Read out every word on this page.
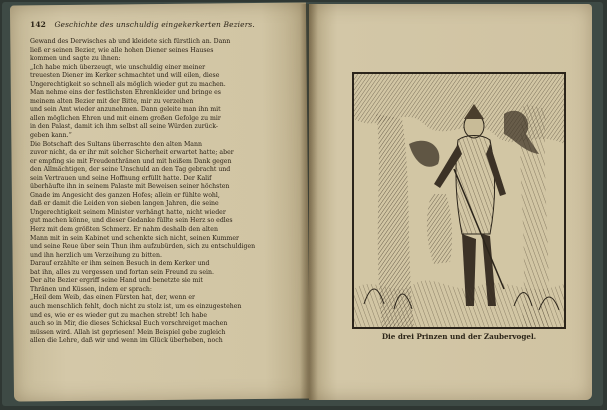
142 Geschichte des unschuldig eingekerkerten Beziers.
Gewand des Derwisches ab und kleidete sich fürstlich an. Dann
ließ er seinen Bezier, wie alle hohen Diener seines Hauses
kommen und sagte zu ihnen:
„Ich habe mich überzeugt, wie unschuldig einer meiner
treuesten Diener im Kerker schmachtet und will eilen, diese
Ungerechtigkeit so schnell als möglich wieder gut zu machen.
Man nehme eins der festlichsten Ehrenkleider und bringe es
meinem alten Bezier mit der Bitte, mir zu verzeihen
und sein Amt wieder anzunehmen. Dann geleite man ihn mit
allen möglichen Ehren und mit einem großen Gefolge zu mir
in den Palast, damit ich ihm selbst all seine Würden zurück-
geben kann.“
Die Botschaft des Sultans überraschte den alten Mann
zuvor nicht, da er ihr mit solcher Sicherheit erwartet hatte; aber
er empfing sie mit Freudenthränen und mit heißem Dank gegen
den Allmächtigen, der seine Unschuld an den Tag gebracht und
sein Vertrauen und seine Hoffnung erfüllt hatte. Der Kalif
überhäufte ihn in seinem Palaste mit Beweisen seiner höchsten
Gnade im Angesicht des ganzen Hofes; allein er fühlte wohl,
daß er damit die Leiden von sieben langen Jahren, die seine
Ungerechtigkeit seinem Minister verhängt hatte, nicht wieder
gut machen könne, und dieser Gedanke füllte sein Herz so edles
Herz mit dem größten Schmerz. Er nahm deshalb den alten
Mann mit in sein Kabinet und schenkte sich nicht, seinen Kummer
und seine Reue über sein Thun ihm aufzubürden, sich zu entschuldigen
und ihn herzlich um Verzeihung zu bitten.
Darauf erzählte er ihm seinen Besuch in dem Kerker und
bat ihn, alles zu vergessen und fortan sein Freund zu sein.
Der alte Bezier ergriff seine Hand und benetzte sie mit
Thränen und Küssen, indem er sprach:
„Heil dem Weib, das einen Fürsten hat, der, wenn er
auch menschlich fehlt, doch nicht zu stolz ist, um es einzugestehen
und es, wie er es wieder gut zu machen strebt! Ich habe
auch so in Mir, die dieses Schicksal Euch vorschreiget machen
müssen wird. Allah ist gepriesen! Mein Beispiel gebe zugleich
allen die Lehre, daß wir und wenn im Glück überheben, noch	Die drei Prinzen und der Zaubervogel.
